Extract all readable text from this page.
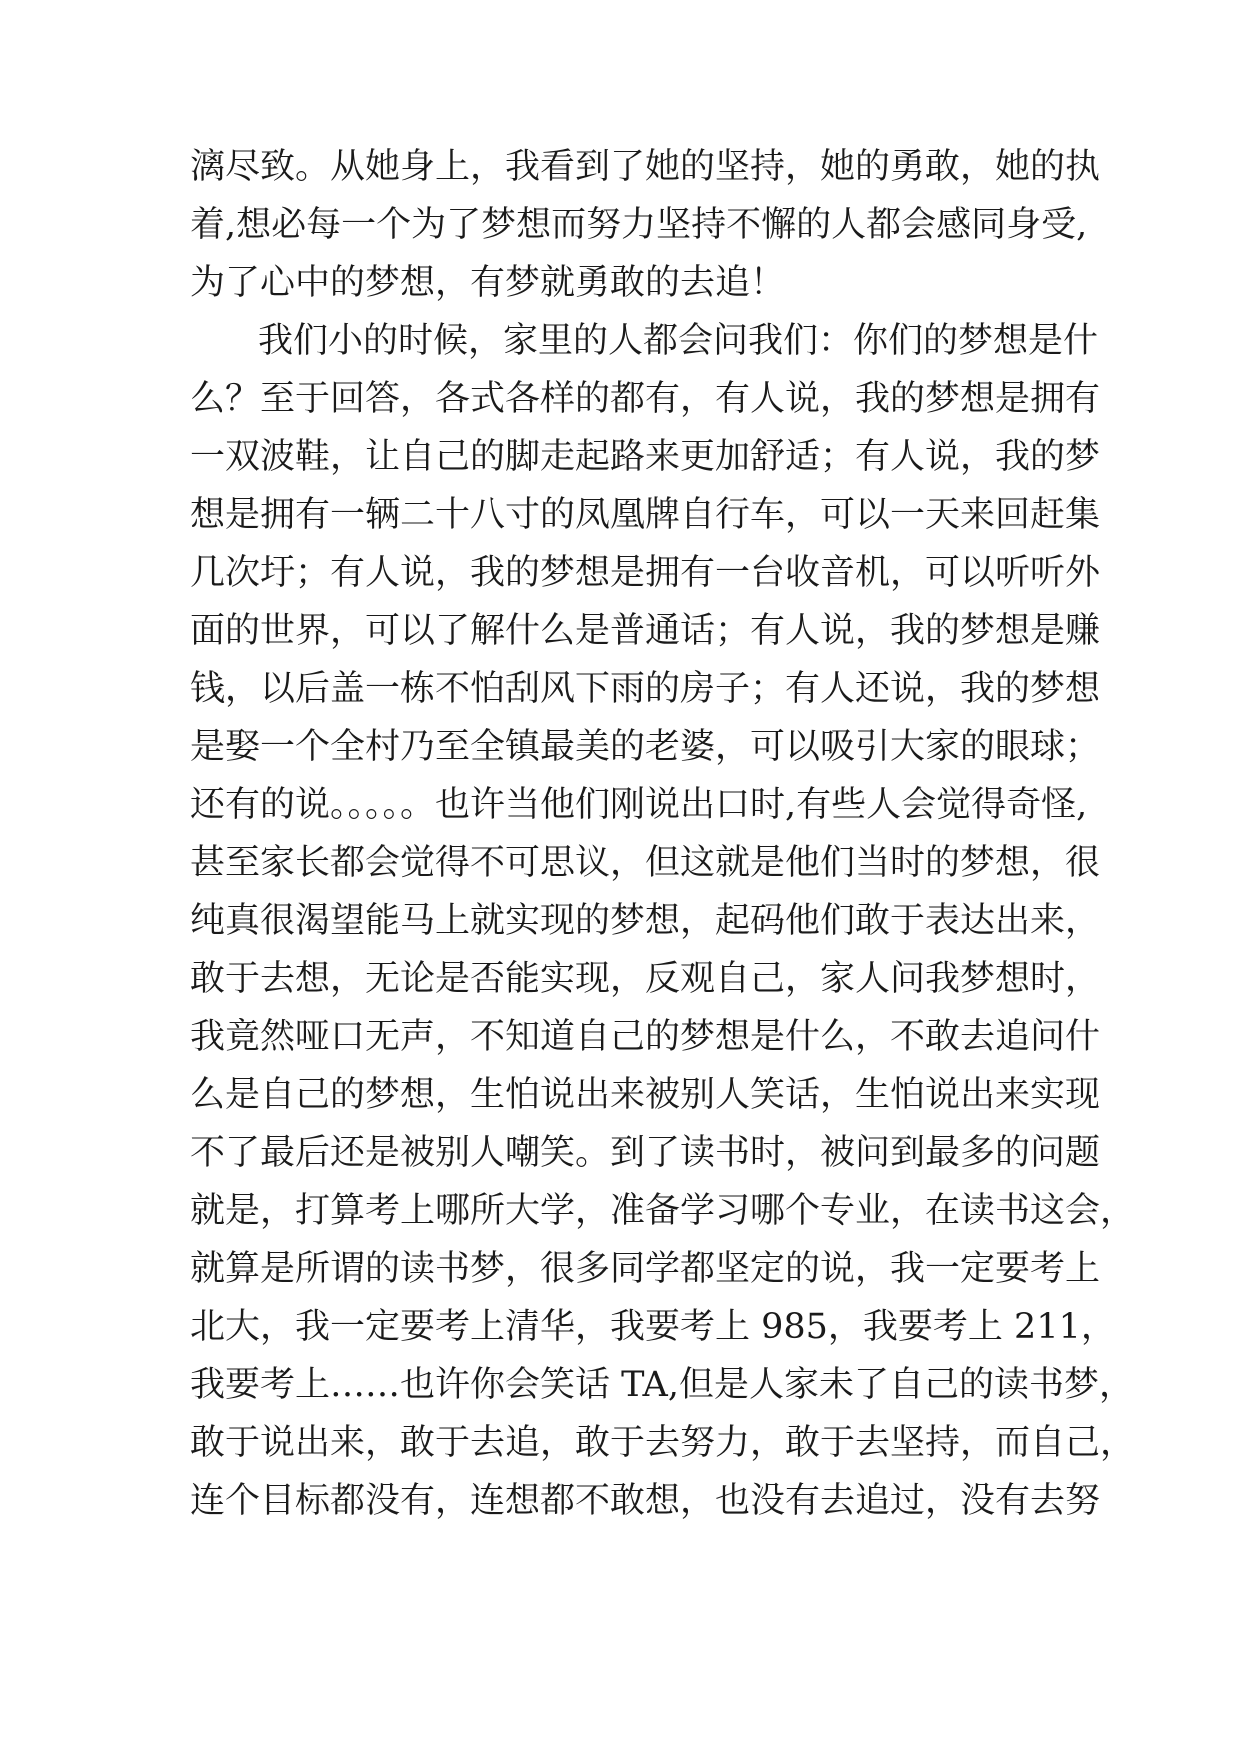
漓尽致。从她身上，我看到了她的坚持，她的勇敢，她的执
着,想必每一个为了梦想而努力坚持不懈的人都会感同身受,
为了心中的梦想，有梦就勇敢的去追！
我们小的时候，家里的人都会问我们：你们的梦想是什
么？至于回答，各式各样的都有，有人说，我的梦想是拥有
一双波鞋，让自己的脚走起路来更加舒适；有人说，我的梦
想是拥有一辆二十八寸的凤凰牌自行车，可以一天来回赶集
几次圩；有人说，我的梦想是拥有一台收音机，可以听听外
面的世界，可以了解什么是普通话；有人说，我的梦想是赚
钱，以后盖一栋不怕刮风下雨的房子；有人还说，我的梦想
是娶一个全村乃至全镇最美的老婆，可以吸引大家的眼球；
还有的说。。。。。也许当他们刚说出口时,有些人会觉得奇怪,
甚至家长都会觉得不可思议，但这就是他们当时的梦想，很
纯真很渴望能马上就实现的梦想，起码他们敢于表达出来，
敢于去想，无论是否能实现，反观自己，家人问我梦想时，
我竟然哑口无声，不知道自己的梦想是什么，不敢去追问什
么是自己的梦想，生怕说出来被别人笑话，生怕说出来实现
不了最后还是被别人嘲笑。到了读书时，被问到最多的问题
就是，打算考上哪所大学，准备学习哪个专业，在读书这会，
就算是所谓的读书梦，很多同学都坚定的说，我一定要考上
北大，我一定要考上清华，我要考上 985，我要考上 211，
我要考上……也许你会笑话 TA,但是人家未了自己的读书梦，
敢于说出来，敢于去追，敢于去努力，敢于去坚持，而自己，
连个目标都没有，连想都不敢想，也没有去追过，没有去努
